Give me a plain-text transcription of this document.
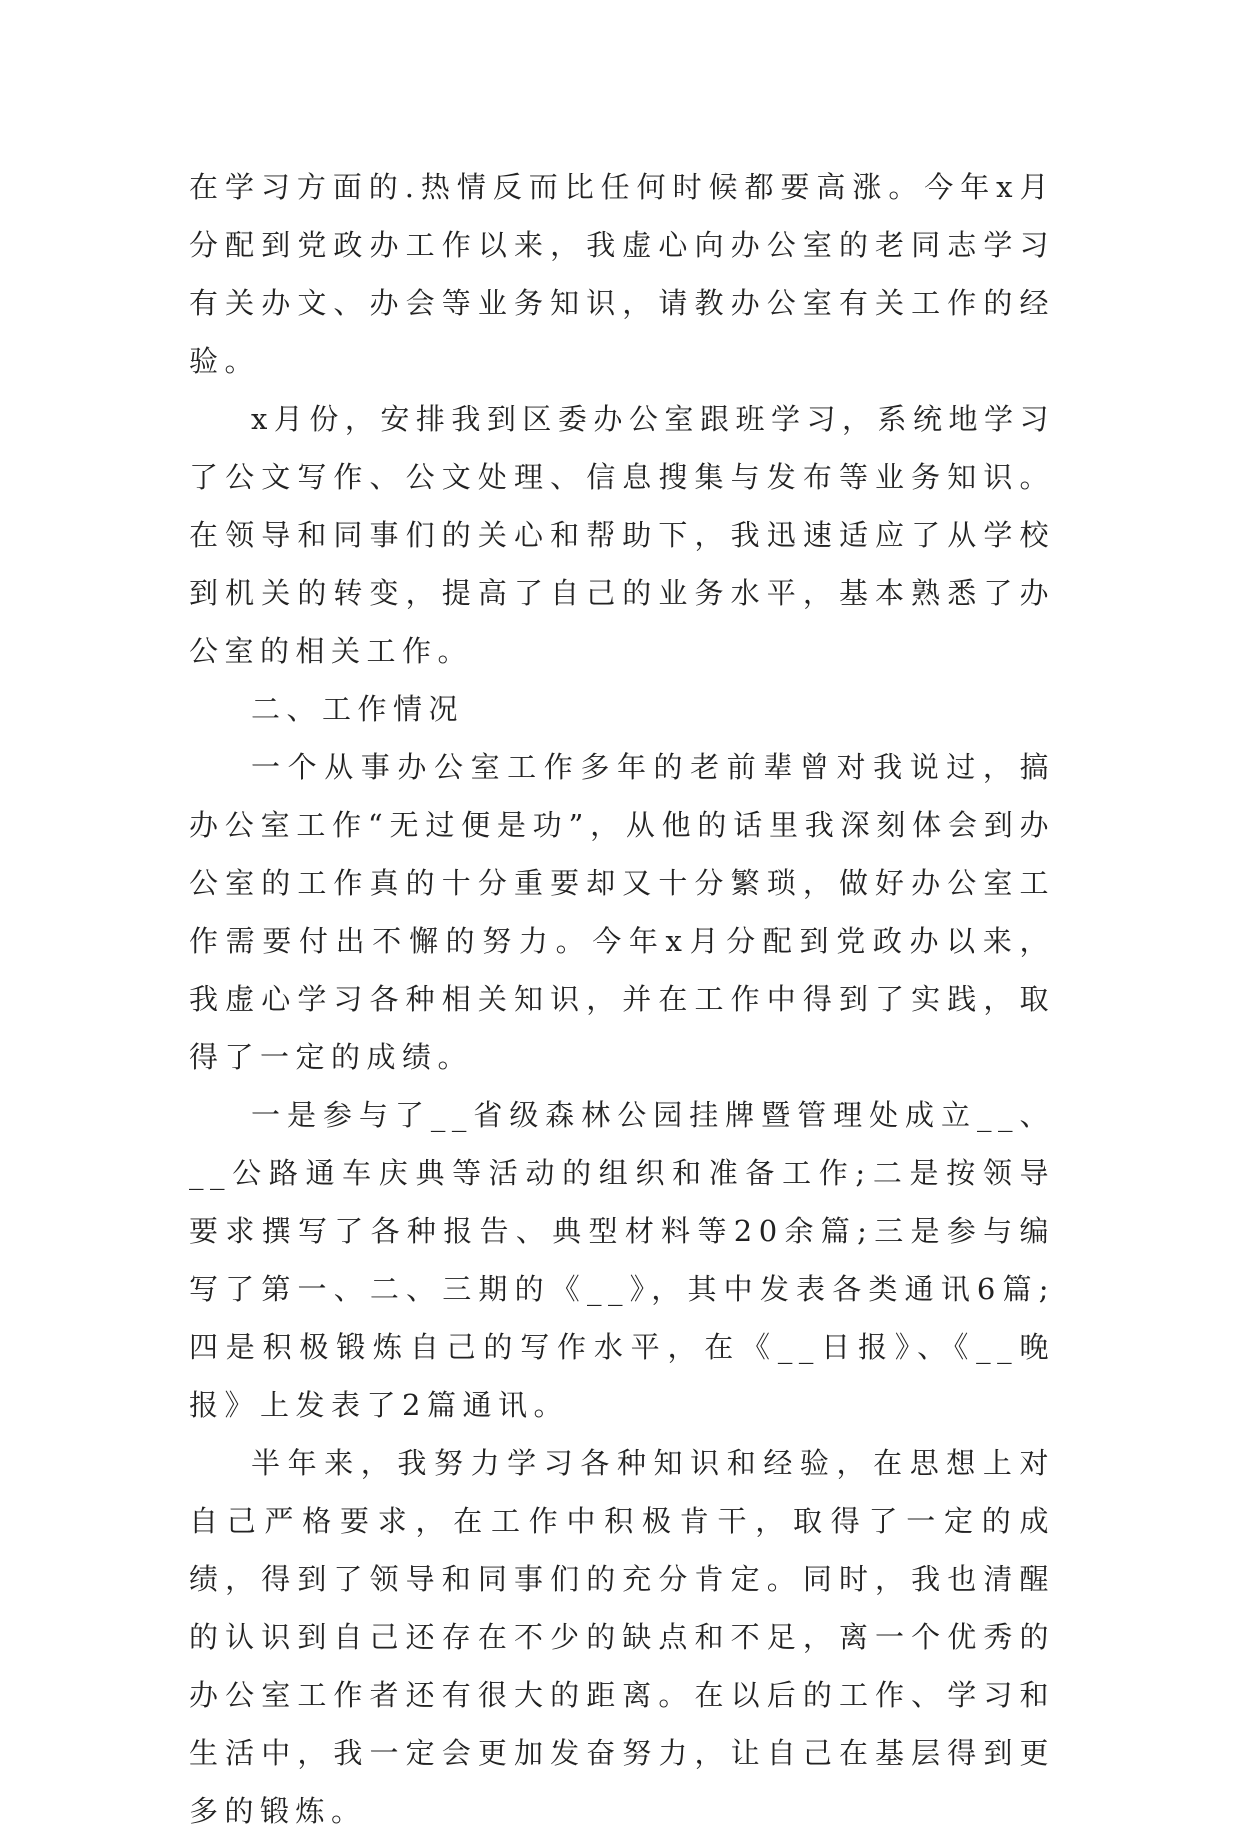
在学习方面的.热情反而比任何时候都要高涨。今年x月分配到党政办工作以来，我虚心向办公室的老同志学习有关办文、办会等业务知识，请教办公室有关工作的经验。

x月份，安排我到区委办公室跟班学习，系统地学习了公文写作、公文处理、信息搜集与发布等业务知识。在领导和同事们的关心和帮助下，我迅速适应了从学校到机关的转变，提高了自己的业务水平，基本熟悉了办公室的相关工作。

二、工作情况

一个从事办公室工作多年的老前辈曾对我说过，搞办公室工作“无过便是功”，从他的话里我深刻体会到办公室的工作真的十分重要却又十分繁琐，做好办公室工作需要付出不懈的努力。今年x月分配到党政办以来，我虚心学习各种相关知识，并在工作中得到了实践，取得了一定的成绩。

一是参与了__省级森林公园挂牌暨管理处成立__、__公路通车庆典等活动的组织和准备工作;二是按领导要求撰写了各种报告、典型材料等20余篇;三是参与编写了第一、二、三期的《__》，其中发表各类通讯6篇;四是积极锻炼自己的写作水平，在《__日报》、《__晚报》上发表了2篇通讯。

半年来，我努力学习各种知识和经验，在思想上对自己严格要求，在工作中积极肯干，取得了一定的成绩，得到了领导和同事们的充分肯定。同时，我也清醒的认识到自己还存在不少的缺点和不足，离一个优秀的办公室工作者还有很大的距离。在以后的工作、学习和生活中，我一定会更加发奋努力，让自己在基层得到更多的锻炼。
